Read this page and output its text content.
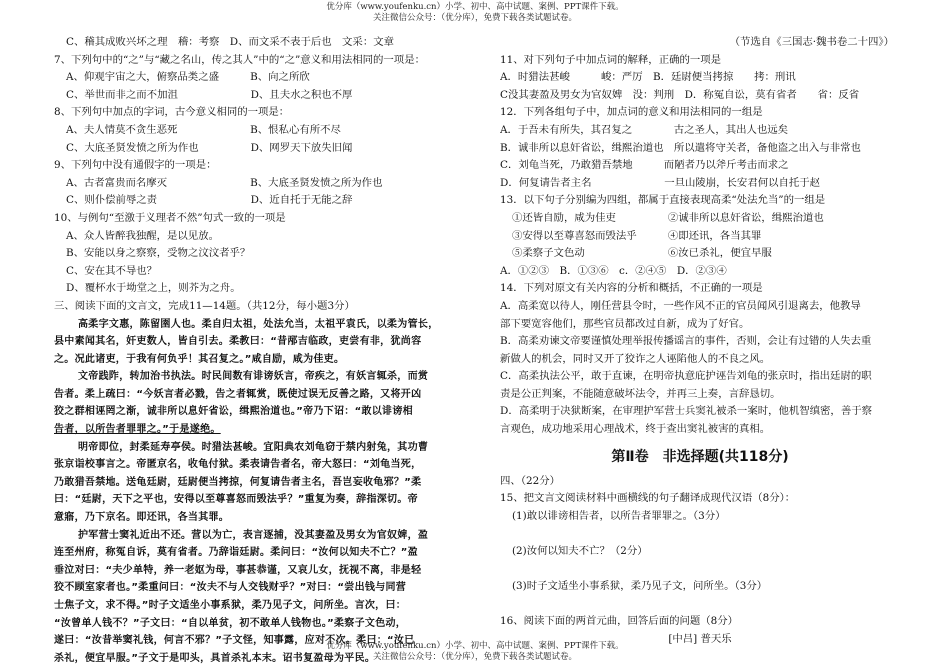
优分库（www.youfenku.cn）小学、初中、高中试题、案例、PPT课件下载。
关注微信公众号：（优分库），免费下载各类试题试卷。
C、稽其成败兴坏之理　稽：考察　D、而文采不表于后也　文采：文章
7、下列句中的“之”与“藏之名山，传之其人”中的“之”意义和用法相同的一项是：
A、仰观宇宙之大，俯察品类之盛　　　B、向之所欣
C、举世而非之而不加沮　　　　　　　D、且夫水之积也不厚
8、下列句中加点的字词，古今意义相同的一项是：
A、夫人情莫不贪生恶死　　　　　　　B、恨私心有所不尽
C、大底圣贤发愤之所为作也　　　　　D、网罗天下放失旧闻
9、下列句中没有通假字的一项是：
A、古者富贵而名摩灭　　　　　　　　B、大底圣贤发愤之所为作也
C、则仆偿前辱之责　　　　　　　　　D、近自托于无能之辞
10、与例句“至激于义理者不然”句式一致的一项是
A、众人皆醉我独醒，是以见放。
B、安能以身之察察，受物之汶汶者乎？
C、安在其不导也？
D、覆杯水于坳堂之上，则芥为之舟。
三、阅读下面的文言文，完成11—14题。（共12分，每小题3分）
高柔字文惠，陈留圉人也。柔自归太祖，处法允当，太祖平袁氏，以柔为管长，
县中素闻其名，奸吏数人，皆自引去。柔教曰：“昔邴吉临政，吏尝有非，犹尚容
之。况此诸吏，于我有何负乎！其召复之。”咸自励，咸为佳吏。
文帝践阼，转加治书执法。时民间数有诽谤妖言，帝疾之，有妖言辄杀，而赏
告者。柔上疏曰：“今妖言者必戮，告之者辄赏，既使过误无反善之路，又将开凶
狡之群相诬罔之渐，诚非所以息奸省讼，缉熙治道也。”帝乃下诏：“敢以诽谤相
告者，以所告者罪罪之。”于是遂绝。
明帝即位，封柔延寿亭侯。时猎法甚峻。宜阳典农刘龟窃于禁内射兔，其功曹
张京诣校事言之。帝匿京名，收龟付狱。柔表请告者名，帝大怒曰：“刘龟当死，
乃敢猎吾禁地。送龟廷尉，廷尉便当拷掠，何复请告者主名，吾岂妄收龟邪？”柔
曰：“廷尉，天下之平也，安得以至尊喜怒而毁法乎？”重复为奏，辞指深切。帝
意寤，乃下京名。即还讯，各当其罪。
护军营士窦礼近出不还。营以为亡，表言逐捕，没其妻盈及男女为官奴婢，盈
连至州府，称冤自诉，莫有省者。乃辞诣廷尉。柔问曰：“汝何以知夫不亡？”盈
垂泣对曰：“夫少单特，养一老妪为母，事甚恭谨，又哀儿女，抚视不离，非是轻
狡不顾室家者也。”柔重问曰：“汝夫不与人交钱财乎？”对曰：“尝出钱与同营
士焦子文，求不得。”时子文适坐小事系狱，柔乃见子文，问所坐。言次，曰：
“汝曾单人钱不？”子文曰：“自以单贫，初不敢单人钱物也。”柔察子文色动，
遂曰：“汝昔举窦礼钱，何言不邪？”子文怪，知事露，应对不次。柔曰：“汝已
杀礼，便宜早服。”子文于是叩头，具首杀礼本末。诏书复盈母为平民。
（节选自《三国志·魏书卷二十四》）
11、对下列句子中加点词的解释，正确的一项是
A．时猎法甚峻　　　峻：严厉　B．廷尉便当拷掠　　拷：刑讯
C没其妻盈及男女为官奴婢　没：判刑　D．称冤自讼，莫有省者　　省：反省
12．下列各组句子中，加点词的意义和用法相同的一组是
A．于吾未有所失，其召复之　　　　古之圣人，其出人也远矣
B．诚非所以息奸省讼，缉熙治道也　所以遣将守关者，备他盗之出入与非常也
C．刘龟当死，乃敢猎吾禁地　　　而陋者乃以斧斤考击而求之
D．何复请告者主名　　　　　　　一旦山陵崩，长安君何以自托于赵
13．以下句子分别编为四组，都属于直接表现高柔“处法允当”的一组是
①还皆自励，咸为佳吏　　　　　②诚非所以息奸省讼，缉熙治道也
③安得以至尊喜怒而毁法乎　　　④即还讯，各当其罪
⑤柔察子文色动　　　　　　　　⑥汝已杀礼，便宜早服
A．①②③　B．①③⑥　c．②④⑤　D．②③④
14．下列对原文有关内容的分析和概括，不正确的一项是
A．高柔宽以待人，刚任营县令时，一些作风不正的官员闻风引退离去，他教导
部下要宽容他们，那些官员都改过自新，成为了好官。
B．高柔劝谏文帝要谨慎处理举报传播谣言的事件，否则，会让有过错的人失去重
新做人的机会，同时又开了狡诈之人诬陷他人的不良之风。
C．高柔执法公平，敢于直谏，在明帝执意庇护诬告刘龟的张京时，指出廷尉的职
责是公正判案，不能随意破坏法令，并再三上奏，言辞恳切。
D．高柔明于决狱断案，在审理护军营士兵窦礼被杀一案时，他机智缜密，善于察
言观色，成功地采用心理战术，终于查出窦礼被害的真相。
第Ⅱ卷　非选择题(共118分)
四、（22分）
15、把文言文阅读材料中画横线的句子翻译成现代汉语（8分）：
(1)敢以诽谤相告者，以所告者罪罪之。（3分）
(2)汝何以知夫不亡？（2分）
(3)时子文适坐小事系狱，柔乃见子文，问所坐。（3分）
16、阅读下面的两首元曲，回答后面的问题（8分）
[中吕] 普天乐
优分库（www.youfenku.cn）小学、初中、高中试题、案例、PPT课件下载。
关注微信公众号：（优分库），免费下载各类试题试卷。
